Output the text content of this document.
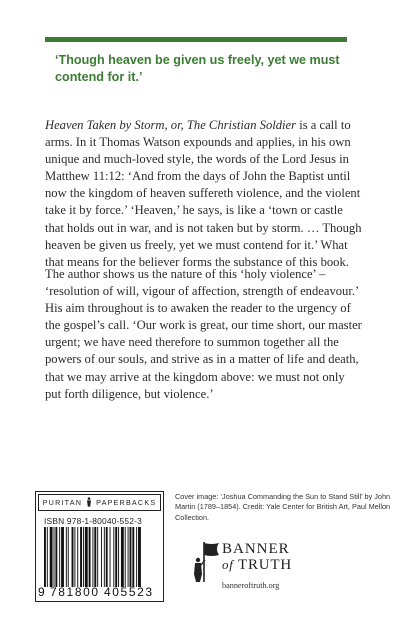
‘Though heaven be given us freely, yet we must contend for it.’

Heaven Taken by Storm, or, The Christian Soldier is a call to arms. In it Thomas Watson expounds and applies, in his own unique and much-loved style, the words of the Lord Jesus in Matthew 11:12: ‘And from the days of John the Baptist until now the kingdom of heaven suffereth violence, and the violent take it by force.’ ‘Heaven,’ he says, is like a ‘town or castle that holds out in war, and is not taken but by storm. … Though heaven be given us freely, yet we must contend for it.’ What that means for the believer forms the substance of this book.

The author shows us the nature of this ‘holy violence’ – ‘resolution of will, vigour of affection, strength of endeavour.’ His aim throughout is to awaken the reader to the urgency of the gospel’s call. ‘Our work is great, our time short, our master urgent; we have need therefore to summon together all the powers of our souls, and strive as in a matter of life and death, that we may arrive at the kingdom above: we must not only put forth diligence, but violence.’

PURITAN PAPERBACKS
ISBN 978-1-80040-552-3
9 781800 405523

Cover image: ‘Joshua Commanding the Sun to Stand Still’ by John Martin (1789–1854). Credit: Yale Center for British Art, Paul Mellon Collection.

BANNER
of TRUTH
banneroftruth.org
